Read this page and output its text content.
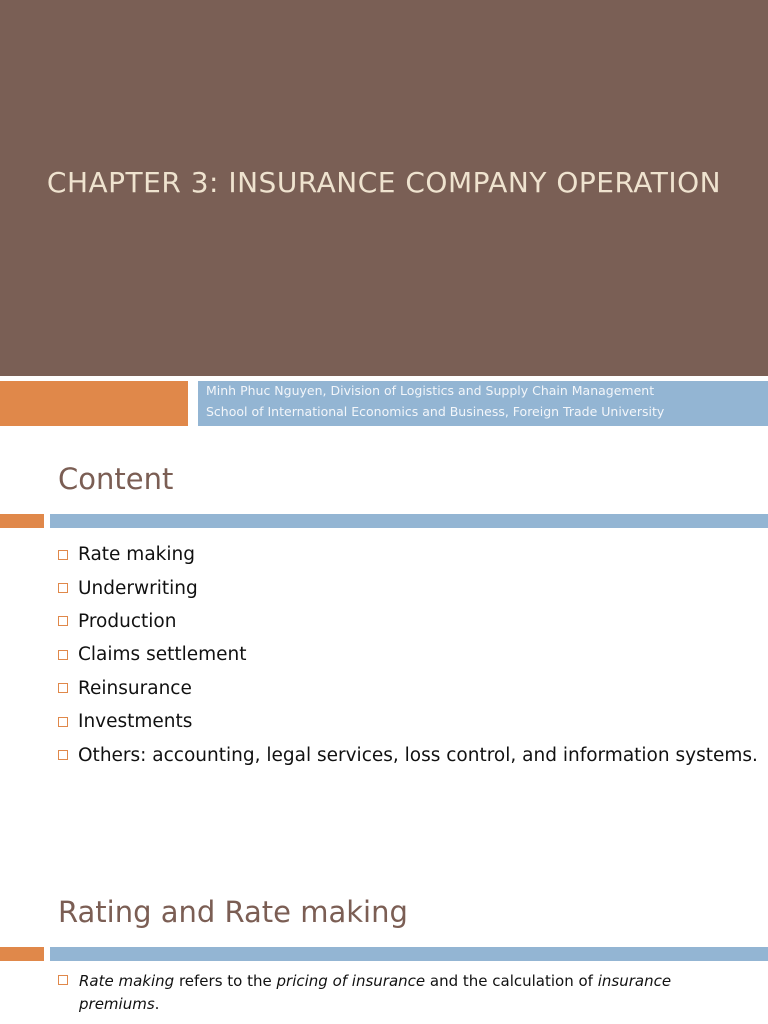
CHAPTER 3: INSURANCE COMPANY OPERATION
Minh Phuc Nguyen, Division of Logistics and Supply Chain Management
School of International Economics and Business, Foreign Trade University
Content
Rate making
Underwriting
Production
Claims settlement
Reinsurance
Investments
Others: accounting, legal services, loss control, and information systems.
Rating and Rate making

Rate making refers to the pricing of insurance and the calculation of insurance premiums.
